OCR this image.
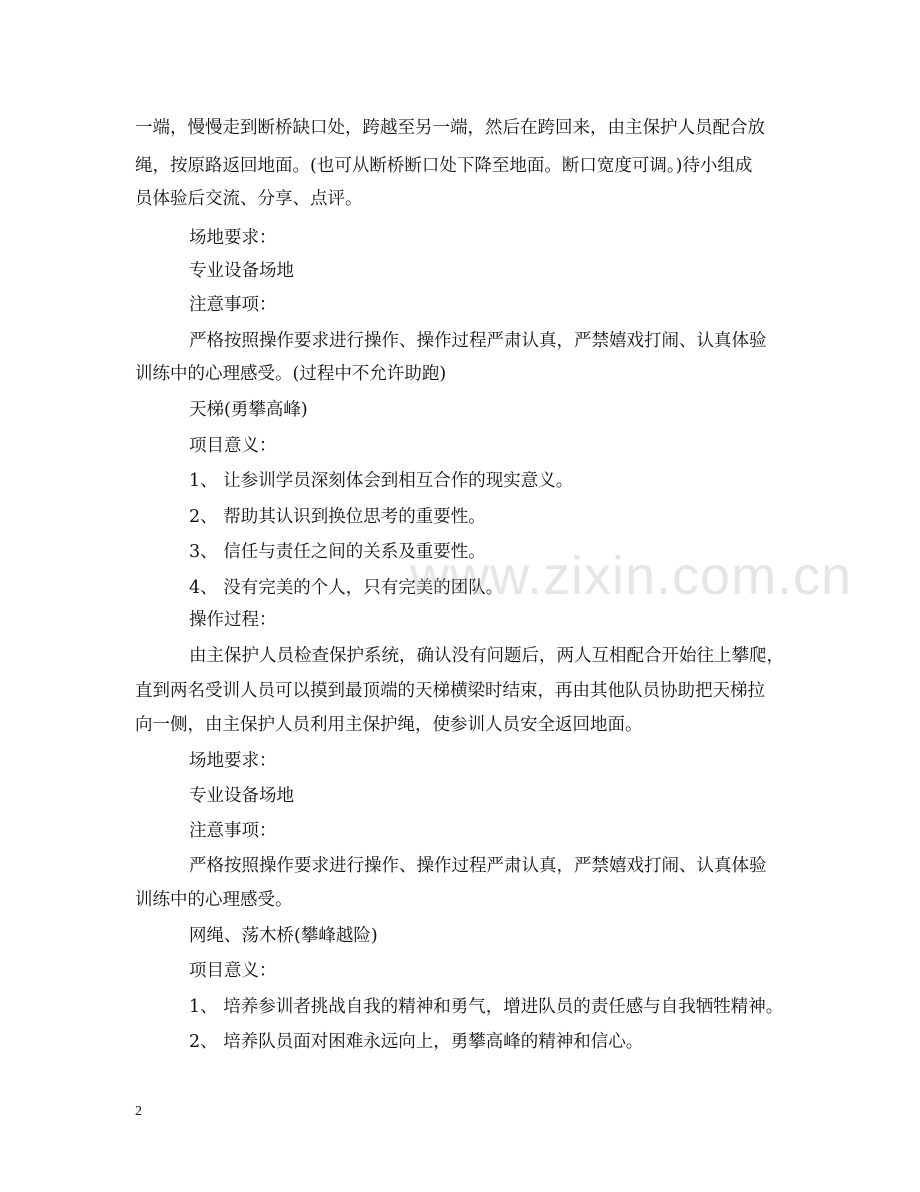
一端，慢慢走到断桥缺口处，跨越至另一端，然后在跨回来，由主保护人员配合放
绳，按原路返回地面。(也可从断桥断口处下降至地面。断口宽度可调。)待小组成
员体验后交流、分享、点评。
场地要求：
专业设备场地
注意事项：
严格按照操作要求进行操作、操作过程严肃认真，严禁嬉戏打闹、认真体验
训练中的心理感受。(过程中不允许助跑)
天梯(勇攀高峰)
项目意义：
1、 让参训学员深刻体会到相互合作的现实意义。
2、 帮助其认识到换位思考的重要性。
3、 信任与责任之间的关系及重要性。
4、 没有完美的个人，只有完美的团队。
操作过程：
由主保护人员检查保护系统，确认没有问题后，两人互相配合开始往上攀爬，
直到两名受训人员可以摸到最顶端的天梯横梁时结束，再由其他队员协助把天梯拉
向一侧，由主保护人员利用主保护绳，使参训人员安全返回地面。
场地要求：
专业设备场地
注意事项：
严格按照操作要求进行操作、操作过程严肃认真，严禁嬉戏打闹、认真体验
训练中的心理感受。
网绳、荡木桥(攀峰越险)
项目意义：
1、 培养参训者挑战自我的精神和勇气，增进队员的责任感与自我牺牲精神。
2、 培养队员面对困难永远向上，勇攀高峰的精神和信心。
www.zixin.com.cn
2
